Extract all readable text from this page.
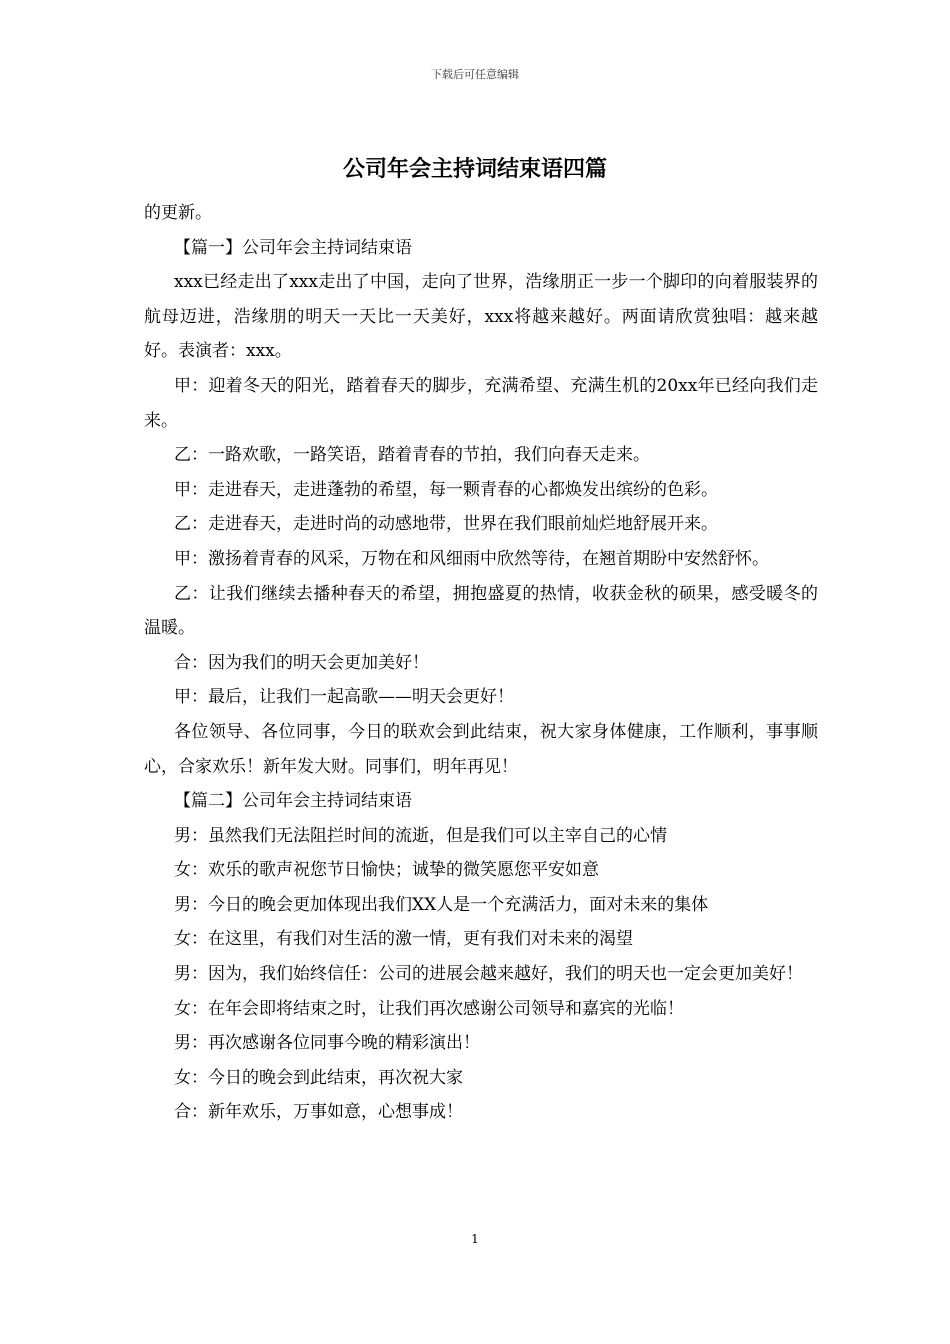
下载后可任意编辑
公司年会主持词结束语四篇

的更新。

【篇一】公司年会主持词结束语

xxx已经走出了xxx走出了中国，走向了世界，浩缘朋正一步一个脚印的向着服装界的航母迈进，浩缘朋的明天一天比一天美好，xxx将越来越好。两面请欣赏独唱：越来越好。表演者：xxx。

甲：迎着冬天的阳光，踏着春天的脚步，充满希望、充满生机的20xx年已经向我们走来。

乙：一路欢歌，一路笑语，踏着青春的节拍，我们向春天走来。

甲：走进春天，走进蓬勃的希望，每一颗青春的心都焕发出缤纷的色彩。

乙：走进春天，走进时尚的动感地带，世界在我们眼前灿烂地舒展开来。

甲：激扬着青春的风采，万物在和风细雨中欣然等待，在翘首期盼中安然舒怀。

乙：让我们继续去播种春天的希望，拥抱盛夏的热情，收获金秋的硕果，感受暖冬的温暖。

合：因为我们的明天会更加美好！

甲：最后，让我们一起高歌——明天会更好！

各位领导、各位同事，今日的联欢会到此结束，祝大家身体健康，工作顺利，事事顺心，合家欢乐！新年发大财。同事们，明年再见！

【篇二】公司年会主持词结束语

男：虽然我们无法阻拦时间的流逝，但是我们可以主宰自己的心情

女：欢乐的歌声祝您节日愉快；诚挚的微笑愿您平安如意

男：今日的晚会更加体现出我们XX人是一个充满活力，面对未来的集体

女：在这里，有我们对生活的激一情，更有我们对未来的渴望

男：因为，我们始终信任：公司的进展会越来越好，我们的明天也一定会更加美好！

女：在年会即将结束之时，让我们再次感谢公司领导和嘉宾的光临！

男：再次感谢各位同事今晚的精彩演出！

女：今日的晚会到此结束，再次祝大家

合：新年欢乐，万事如意，心想事成！

1
